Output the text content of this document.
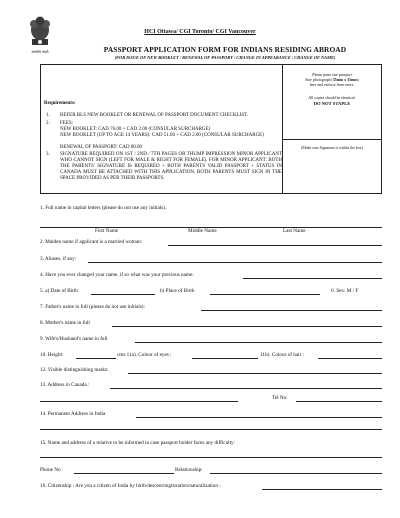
सत्यमेव जयते
HCI Ottawa/ CGI Toronto/ CGI Vancouver
PASSPORT APPLICATION FORM FOR INDIANS RESIDING ABROAD
(FOR ISSUE OF NEW BOOKLET / RENEWAL OF PASSPORT / CHANGE IN APPEARANCE / CHANGE OF NAME)
Please paste one passport
Size photograph (35mm x 35mm)
here and enclose three more.
All copies should be identical.
DO NOT STAPLE
(Make sure Signature is within the box)
Requirements:
1. REFER BLS NEW BOOKLET OR RENEWAL OF PASSPORT DOCUMENT CHECKLIST.
2. FEES:
NEW BOOKLET: CAD 76.00 + CAD 2.00 (CONSULAR SURCHARGE)
NEW BOOKLET (UP TO AGE 14 YEARS): CAD 51.00 + CAD 2.00 (CONSULAR SURCHARGE)
RENEWAL OF PASSPORT: CAD 00.00
3. SIGNATURE REQUIRED ON 1ST / 2ND / 7TH PAGES OR THUMP IMPRESSION MINOR APPLICANT WHO CANNOT SIGN (LEFT FOR MALE & RIGHT FOR FEMALE). FOR MINOR APPLICANT: BOTH THE PARENTS' SIGNATURE IS REQUIRED + BOTH PARENTS VALID PASSPORT + STATUS IN CANADA MUST BE ATTACHED WITH THIS APPLICATION. BOTH PARENTS MUST SIGN IN THE SPACE PROVIDED AS PER THEIR PASSPORTS.
1. Full name in capital letters (please do not use any initials).
First Name	Middle Name	Last Name
2. Maiden name if applicant is a married woman:
3. Aliases, if any:
4. Have you ever changed your name, if so what was your previous name:
5. a) Date of Birth	b) Place of Birth	6. Sex: M / F
7. Father's name in full (please do not use initials):
8. Mother's name in full
9. Wife's/Husband's name in full
10. Height:	cms 11a). Colour of eyes :	11b). Colour of hair :
12. Visible distinguishing marks:
13. Address in Canada :
Tel No:
14. Permanent Address in India
15. Name and address of a relative to be informed in case passport holder faces any difficulty:
Phone No :	Relationship:
16. Citizenship : Are you a citizen of India by birth/descent/registration/naturalization :
